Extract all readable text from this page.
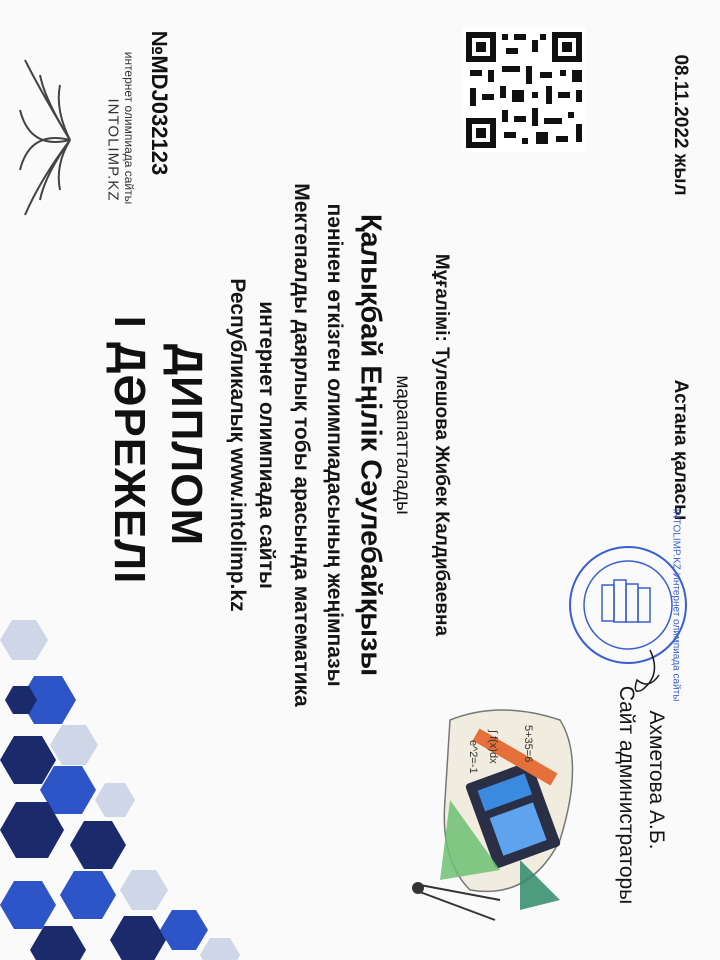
e^2=-1 ∫ f(x)dx 5+35=6
INTOLIMP.KZ интернет олимпиада сайты №MDJ032123
І ДӘРЕЖЕЛІ ДИПЛОМ Республикалық www.intolimp.kz интернет олимпиада сайты Мектепалды даярлық тобы арасында математика пәнінен өткізген олимпиадасының жеңімпазы Қалықбай Еңілік Сәулебайқызы марапатталады Мұғалімі: Тулешова Жибек Калдибаевна
08.11.2022 жыл
Астана қаласы
Сайт администраторы Ахметова А.Б.
INTOLIMP.KZ Интернет олимпиада сайты
